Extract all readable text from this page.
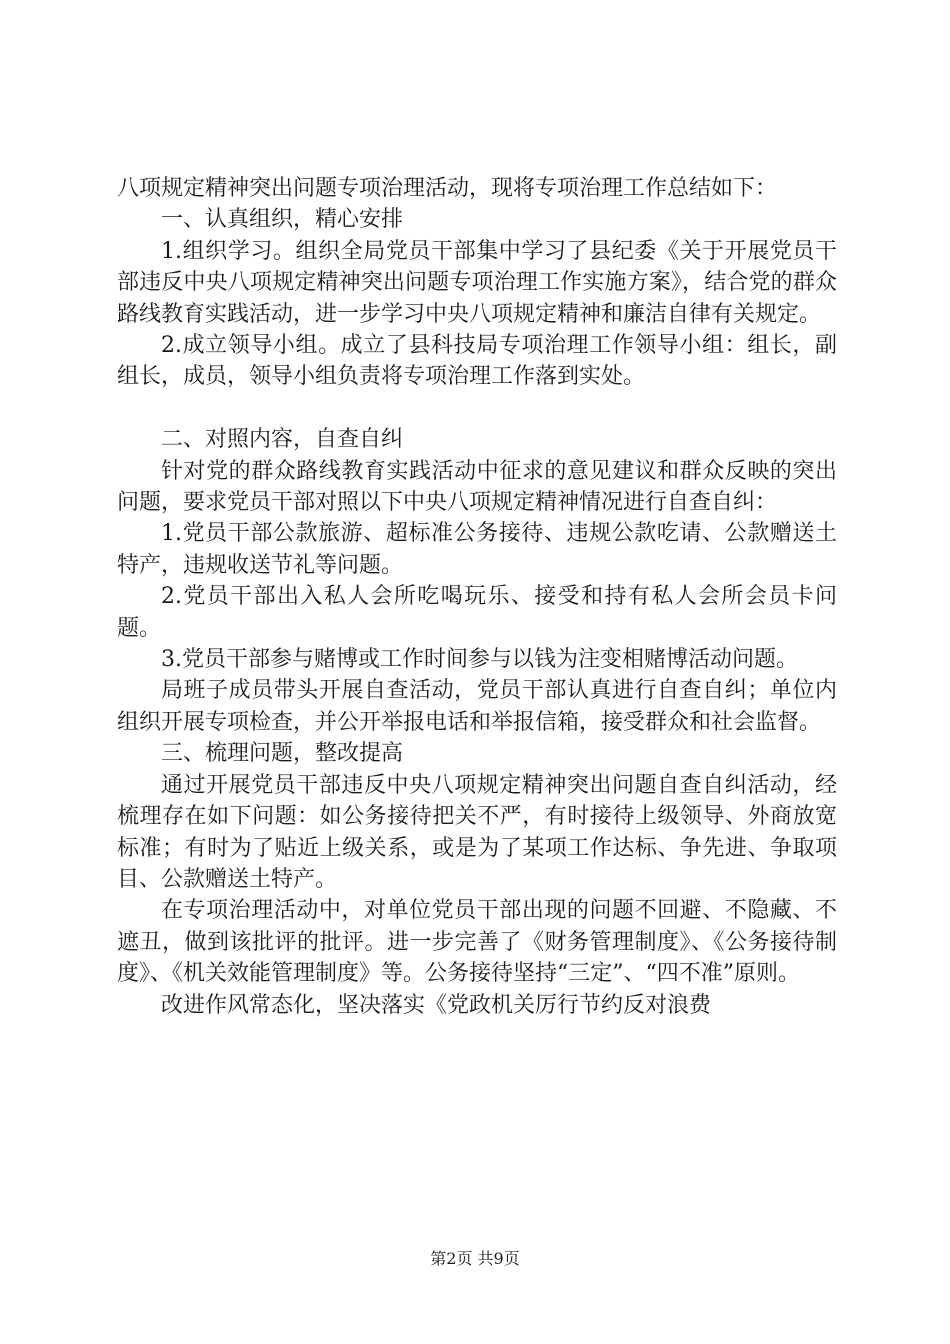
八项规定精神突出问题专项治理活动，现将专项治理工作总结如下：
一、认真组织，精心安排
1.组织学习。组织全局党员干部集中学习了县纪委《关于开展党员干部违反中央八项规定精神突出问题专项治理工作实施方案》，结合党的群众路线教育实践活动，进一步学习中央八项规定精神和廉洁自律有关规定。
2.成立领导小组。成立了县科技局专项治理工作领导小组：组长，副组长，成员，领导小组负责将专项治理工作落到实处。
二、对照内容，自查自纠
针对党的群众路线教育实践活动中征求的意见建议和群众反映的突出问题，要求党员干部对照以下中央八项规定精神情况进行自查自纠：
1.党员干部公款旅游、超标准公务接待、违规公款吃请、公款赠送土特产，违规收送节礼等问题。
2.党员干部出入私人会所吃喝玩乐、接受和持有私人会所会员卡问题。
3.党员干部参与赌博或工作时间参与以钱为注变相赌博活动问题。
局班子成员带头开展自查活动，党员干部认真进行自查自纠；单位内组织开展专项检查，并公开举报电话和举报信箱，接受群众和社会监督。
三、梳理问题，整改提高
通过开展党员干部违反中央八项规定精神突出问题自查自纠活动，经梳理存在如下问题：如公务接待把关不严，有时接待上级领导、外商放宽标准；有时为了贴近上级关系，或是为了某项工作达标、争先进、争取项目、公款赠送土特产。
在专项治理活动中，对单位党员干部出现的问题不回避、不隐藏、不遮丑，做到该批评的批评。进一步完善了《财务管理制度》、《公务接待制度》、《机关效能管理制度》等。公务接待坚持“三定”、“四不准”原则。
改进作风常态化，坚决落实《党政机关厉行节约反对浪费
第2页 共9页
